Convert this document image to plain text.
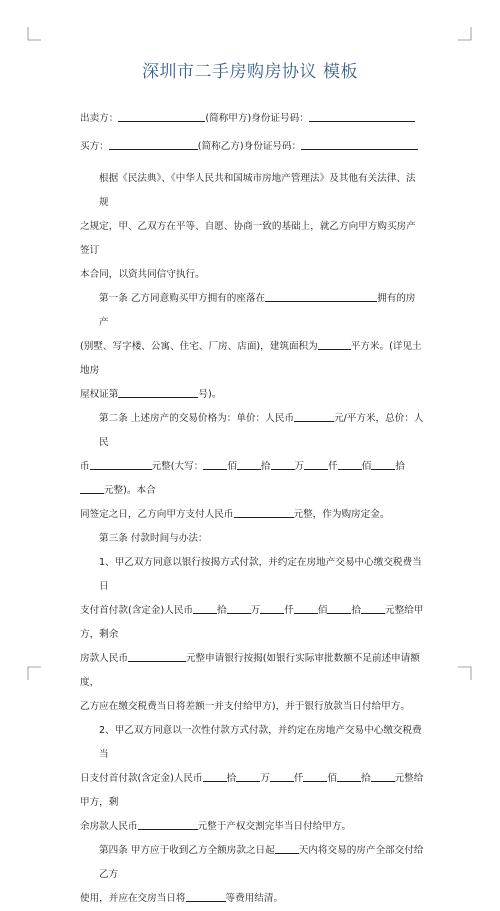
深圳市二手房购房协议 模板
出卖方：	(简称甲方)身份证号码：
买方：	(简称乙方)身份证号码：

根据《民法典》、《中华人民共和国城市房地产管理法》及其他有关法律、法规

之规定，甲、乙双方在平等、自愿、协商一致的基础上，就乙方向甲方购买房产签订

本合同，以资共同信守执行。

第一条 乙方同意购买甲方拥有的座落在	拥有的房产

(别墅、写字楼、公寓、住宅、厂房、店面)，建筑面积为	平方米。(详见土地房

屋权证第	号)。

第二条 上述房产的交易价格为：单价：人民币	元/平方米，总价：人民

币	元整(大写：	佰	拾	万	仟	佰	拾元整)。本合

同签定之日，乙方向甲方支付人民币	元整，作为购房定金。

第三条 付款时间与办法：

1、甲乙双方同意以银行按揭方式付款，并约定在房地产交易中心缴交税费当日

支付首付款(含定金)人民币	拾	万	仟	佰	拾	元整给甲方，剩余

房款人民币	元整申请银行按揭(如银行实际审批数额不足前述申请额度，

乙方应在缴交税费当日将差额一并支付给甲方)，并于银行放款当日付给甲方。

2、甲乙双方同意以一次性付款方式付款，并约定在房地产交易中心缴交税费当

日支付首付款(含定金)人民币	拾	万	仟	佰	拾	元整给甲方，剩

余房款人民币	元整于产权交割完毕当日付给甲方。

第四条 甲方应于收到乙方全额房款之日起	天内将交易的房产全部交付给乙方

使用，并应在交房当日将	等费用结清。
